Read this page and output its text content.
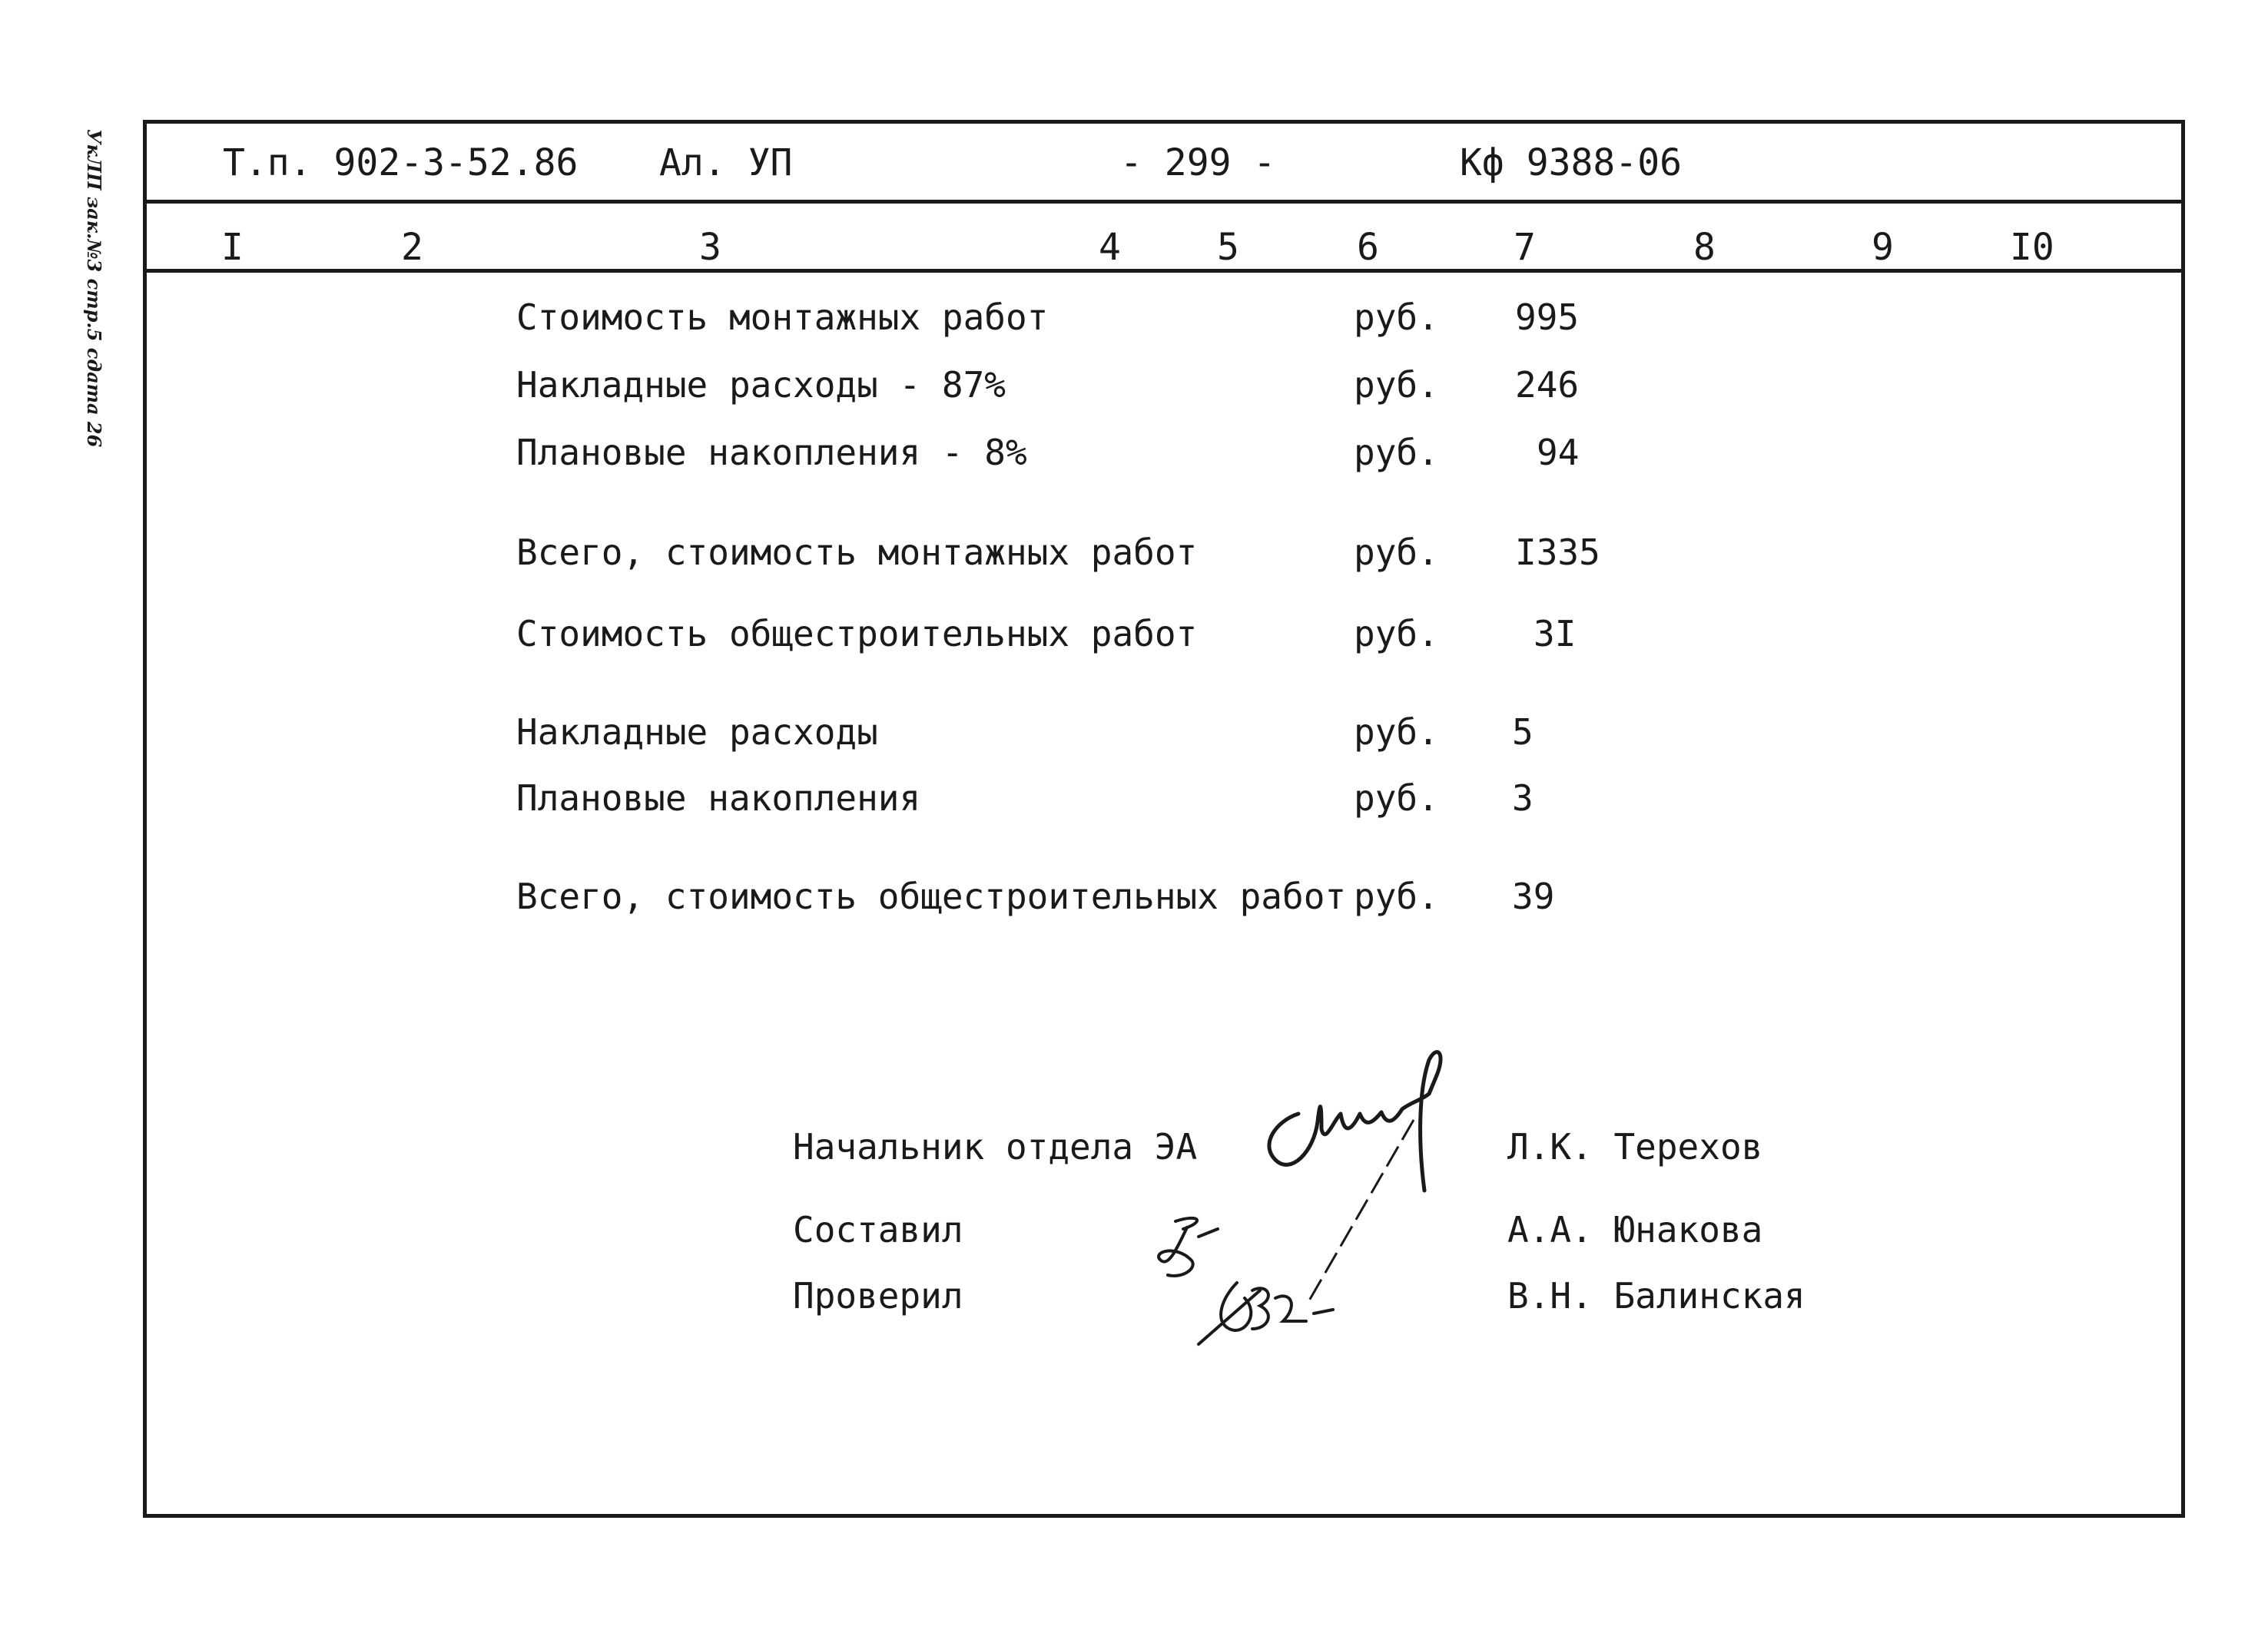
УкЛП зак.№3 стр.5 сдата 26	Т.п. 902-3-52.86 Ал. УП	- 299 -	Кф 9388-06
I	2	3	4	5	6	7	8	9	I0
Стоимость монтажных работ	руб. 995
Накладные расходы - 87%	руб. 246
Плановые накопления - 8%	руб.	94
Всего, стоимость монтажных работ	руб. I335
Стоимость общестроительных работ	руб.	3I
Накладные расходы	руб. 5
Плановые накопления	руб. 3
Всего, стоимость общестроительных работ руб. 39
Начальник отдела ЭА	Л.К. Терехов
Составил	А.А. Юнакова
Проверил	В.Н. Балинская
